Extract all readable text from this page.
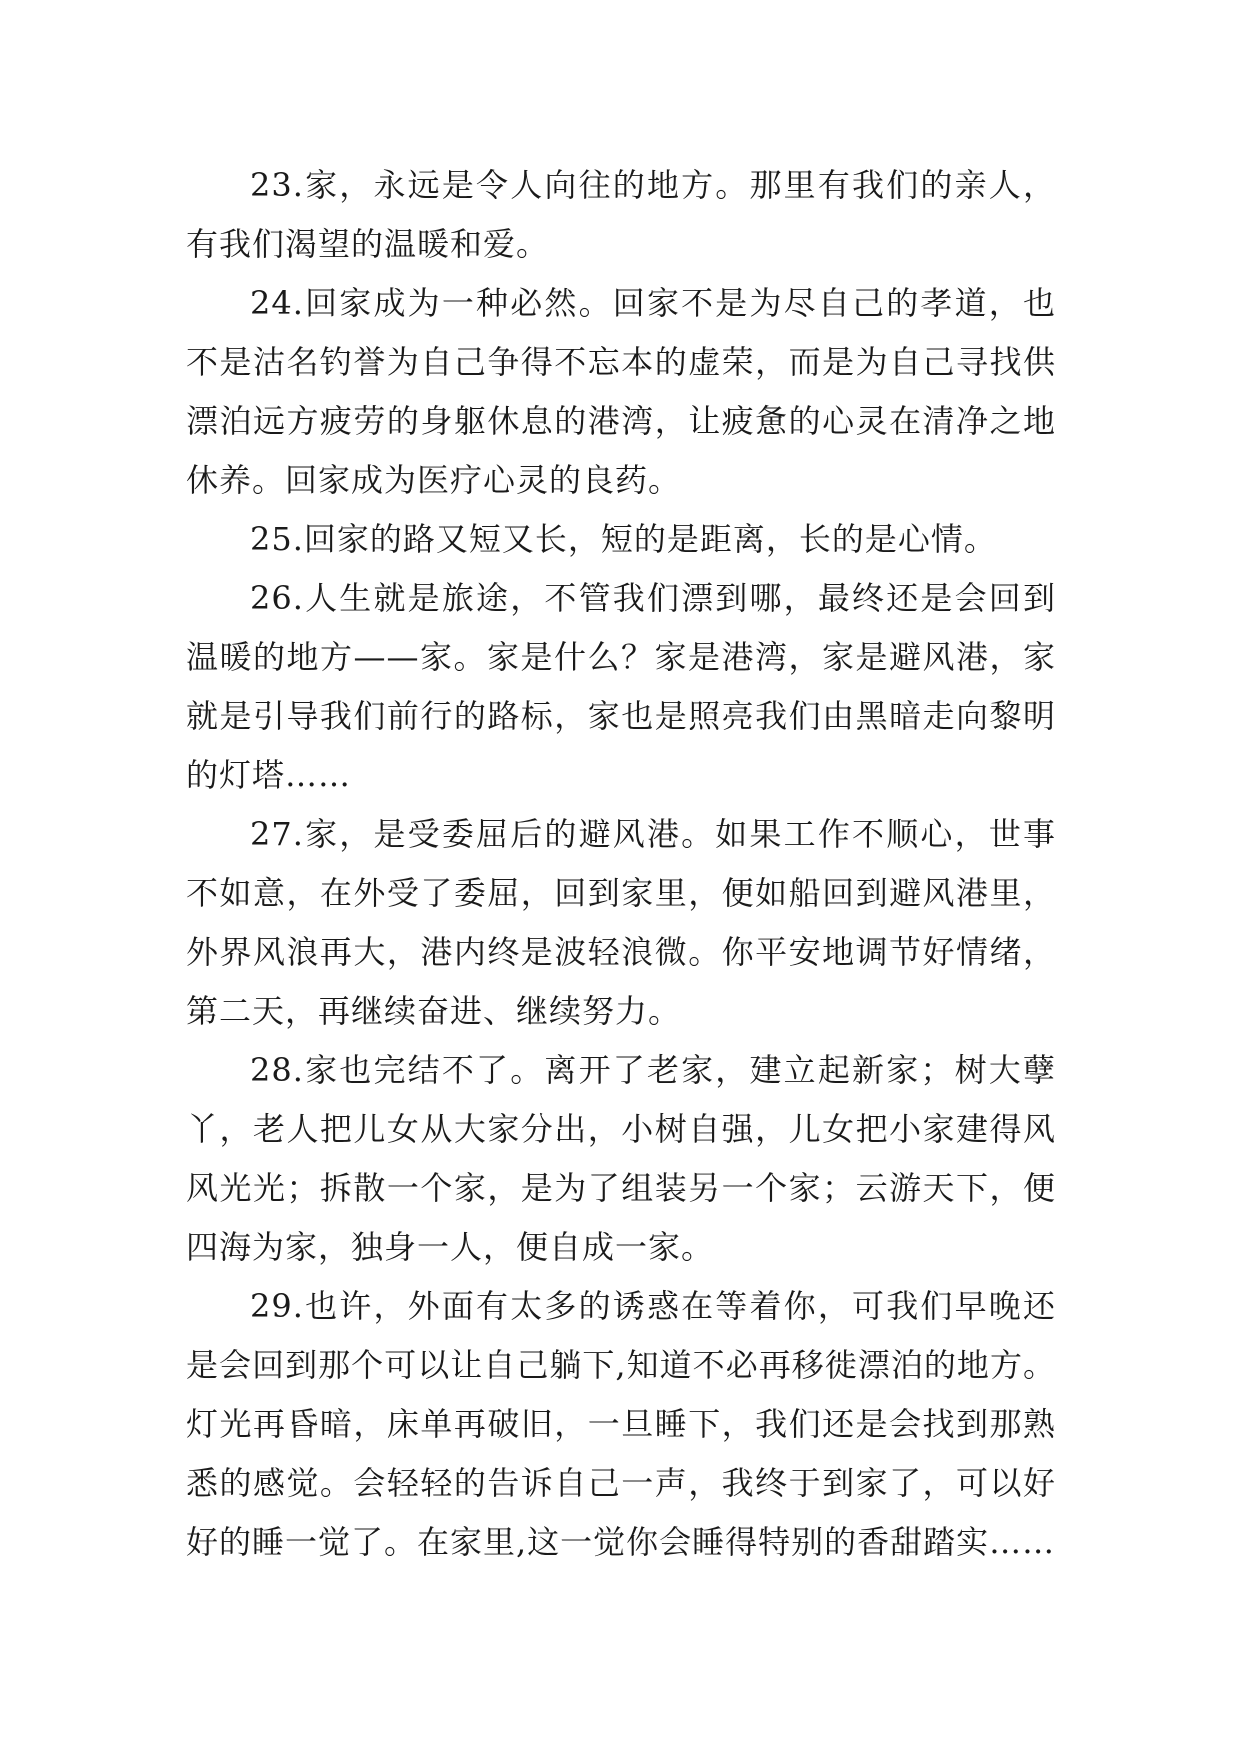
23.家，永远是令人向往的地方。那里有我们的亲人，有我们渴望的温暖和爱。

24.回家成为一种必然。回家不是为尽自己的孝道，也不是沽名钓誉为自己争得不忘本的虚荣，而是为自己寻找供漂泊远方疲劳的身躯休息的港湾，让疲惫的心灵在清净之地休养。回家成为医疗心灵的良药。

25.回家的路又短又长，短的是距离，长的是心情。

26.人生就是旅途，不管我们漂到哪，最终还是会回到温暖的地方——家。家是什么？家是港湾，家是避风港，家就是引导我们前行的路标，家也是照亮我们由黑暗走向黎明的灯塔……

27.家，是受委屈后的避风港。如果工作不顺心，世事不如意，在外受了委屈，回到家里，便如船回到避风港里，外界风浪再大，港内终是波轻浪微。你平安地调节好情绪，第二天，再继续奋进、继续努力。

28.家也完结不了。离开了老家，建立起新家；树大孽丫，老人把儿女从大家分出，小树自强，儿女把小家建得风风光光；拆散一个家，是为了组装另一个家；云游天下，便四海为家，独身一人，便自成一家。

29.也许，外面有太多的诱惑在等着你，可我们早晚还是会回到那个可以让自己躺下,知道不必再移徙漂泊的地方。灯光再昏暗，床单再破旧，一旦睡下，我们还是会找到那熟悉的感觉。会轻轻的告诉自己一声，我终于到家了，可以好好的睡一觉了。在家里,这一觉你会睡得特别的香甜踏实……
